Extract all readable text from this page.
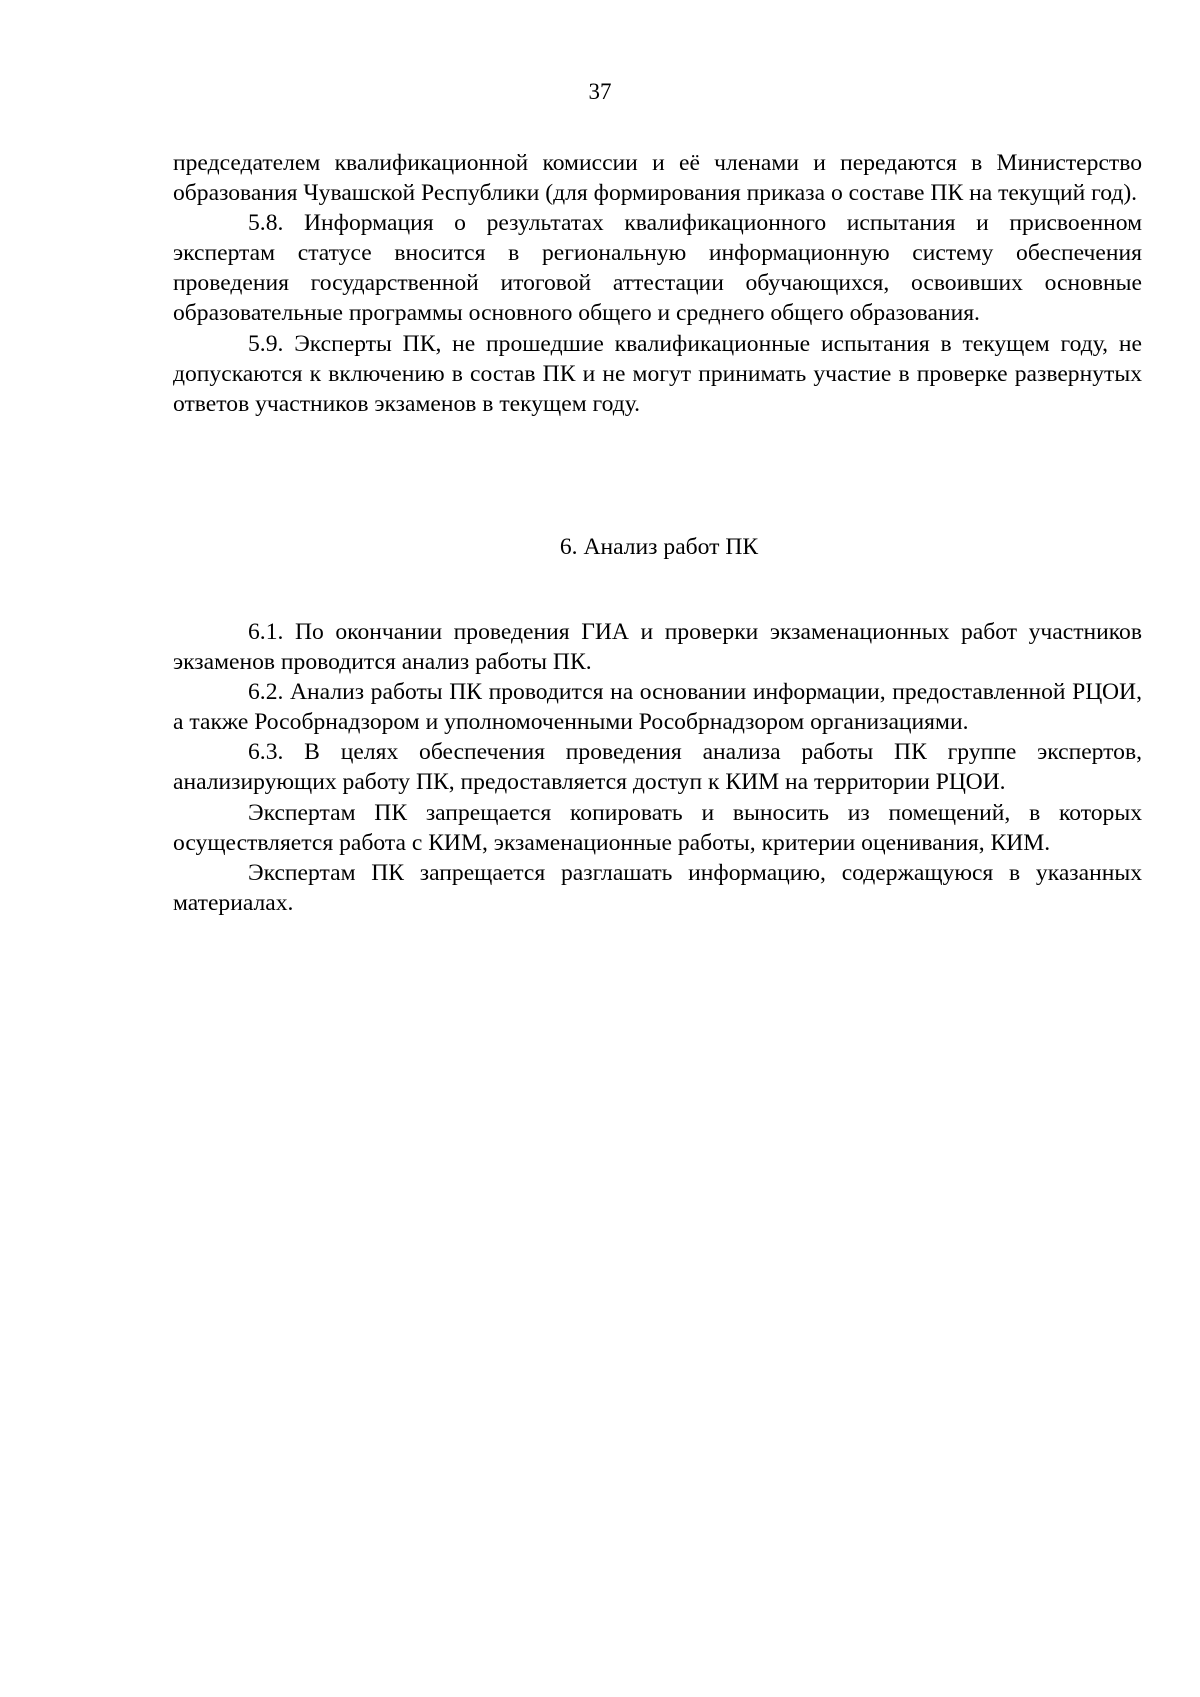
37

председателем квалификационной комиссии и её членами и передаются в Министерство образования Чувашской Республики (для формирования приказа о составе ПК на текущий год).

5.8. Информация о результатах квалификационного испытания и присвоенном экспертам статусе вносится в региональную информационную систему обеспечения проведения государственной итоговой аттестации обучающихся, освоивших основные образовательные программы основного общего и среднего общего образования.

5.9. Эксперты ПК, не прошедшие квалификационные испытания в текущем году, не допускаются к включению в состав ПК и не могут принимать участие в проверке развернутых ответов участников экзаменов в текущем году.

6. Анализ работ ПК

6.1. По окончании проведения ГИА и проверки экзаменационных работ участников экзаменов проводится анализ работы ПК.

6.2. Анализ работы ПК проводится на основании информации, предоставленной РЦОИ, а также Рособрнадзором и уполномоченными Рособрнадзором организациями.

6.3. В целях обеспечения проведения анализа работы ПК группе экспертов, анализирующих работу ПК, предоставляется доступ к КИМ на территории РЦОИ.

Экспертам ПК запрещается копировать и выносить из помещений, в которых осуществляется работа с КИМ, экзаменационные работы, критерии оценивания, КИМ.

Экспертам ПК запрещается разглашать информацию, содержащуюся в указанных материалах.
